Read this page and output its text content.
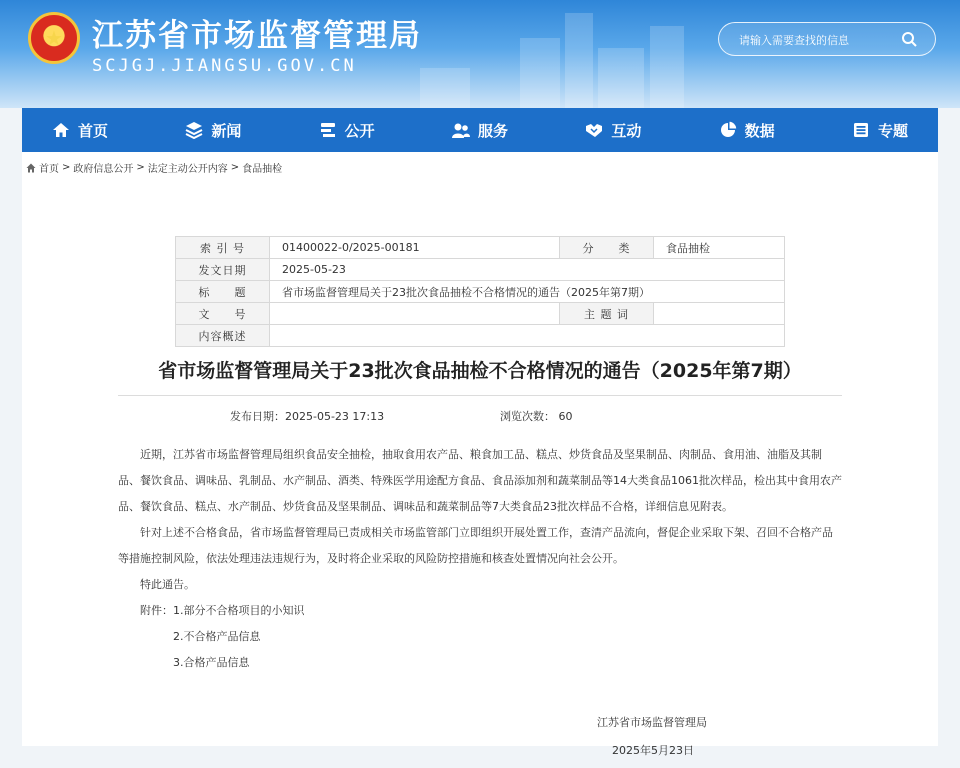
★ 江苏省市场监督管理局
SCJGJ.JIANGSU.GOV.CN
请输入需要查找的信息
首页	新闻	公开	服务	互动	数据	专题
首页 > 政府信息公开 > 法定主动公开内容 > 食品抽检
索 引 号	01400022-0/2025-00181	分　　类	食品抽检
发文日期	2025-05-23		
标　　题	省市场监督管理局关于23批次食品抽检不合格情况的通告（2025年第7期）		
文　　号		主 题 词	
内容概述			
省市场监督管理局关于23批次食品抽检不合格情况的通告（2025年第7期）
发布日期：2025-05-23 17:13	浏览次数： 60

近期，江苏省市场监督管理局组织食品安全抽检，抽取食用农产品、粮食加工品、糕点、炒货食品及坚果制品、肉制品、食用油、油脂及其制品、餐饮食品、调味品、乳制品、水产制品、酒类、特殊医学用途配方食品、食品添加剂和蔬菜制品等14大类食品1061批次样品，检出其中食用农产品、餐饮食品、糕点、水产制品、炒货食品及坚果制品、调味品和蔬菜制品等7大类食品23批次样品不合格，详细信息见附表。

针对上述不合格食品，省市场监督管理局已责成相关市场监管部门立即组织开展处置工作，查清产品流向，督促企业采取下架、召回不合格产品等措施控制风险，依法处理违法违规行为，及时将企业采取的风险防控措施和核查处置情况向社会公开。

特此通告。

附件： 1.部分不合格项目的小知识
2.不合格产品信息
3.合格产品信息
江苏省市场监督管理局
2025年5月23日
